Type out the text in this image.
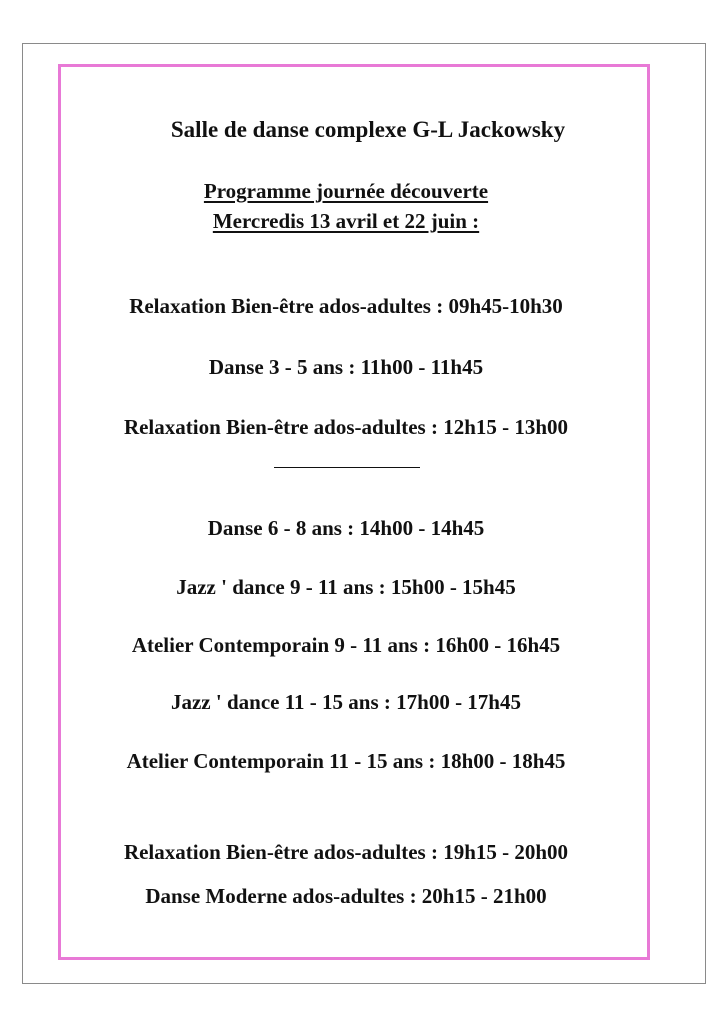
Salle de danse complexe G-L Jackowsky
Programme journée découverte
Mercredis 13 avril et 22 juin :
Relaxation Bien-être ados-adultes : 09h45-10h30
Danse 3 - 5 ans : 11h00 - 11h45
Relaxation Bien-être ados-adultes : 12h15 - 13h00
Danse 6 - 8 ans : 14h00 - 14h45
Jazz ' dance 9 - 11 ans : 15h00 - 15h45
Atelier Contemporain 9 - 11 ans : 16h00 - 16h45
Jazz ' dance 11 - 15 ans : 17h00 - 17h45
Atelier Contemporain 11 - 15 ans : 18h00 - 18h45
Relaxation Bien-être ados-adultes : 19h15 - 20h00
Danse Moderne ados-adultes : 20h15 - 21h00
